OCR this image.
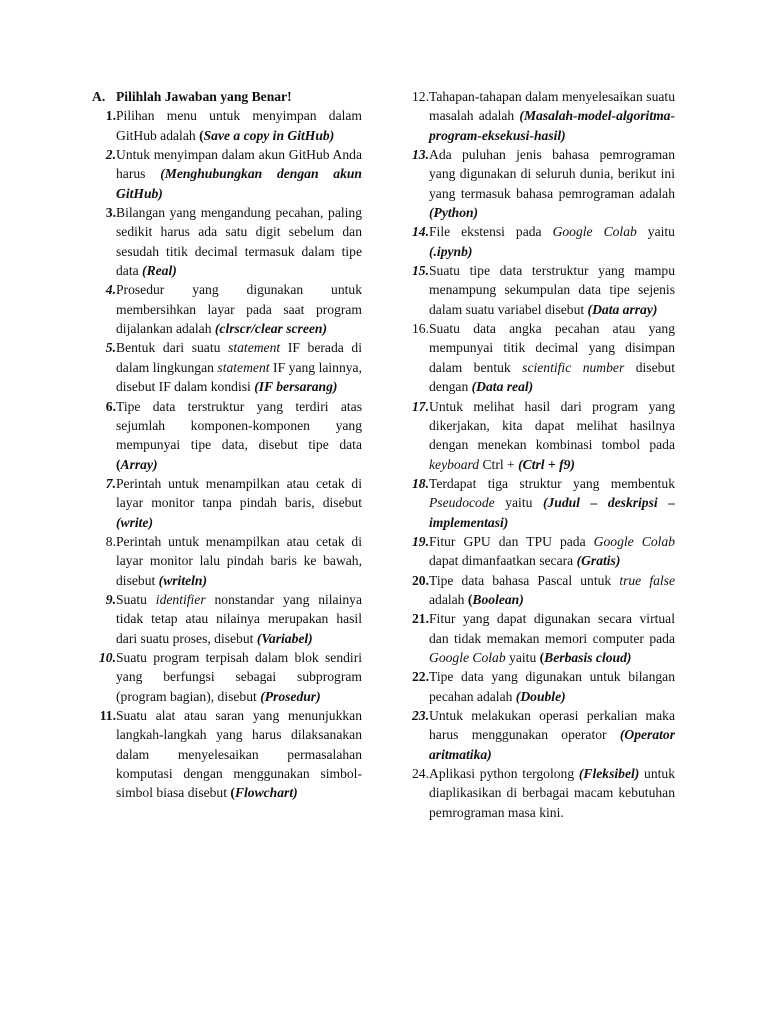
A. Pilihlah Jawaban yang Benar!
1. Pilihan menu untuk menyimpan dalam GitHub adalah (Save a copy in GitHub)
2. Untuk menyimpan dalam akun GitHub Anda harus (Menghubungkan dengan akun GitHub)
3. Bilangan yang mengandung pecahan, paling sedikit harus ada satu digit sebelum dan sesudah titik decimal termasuk dalam tipe data (Real)
4. Prosedur yang digunakan untuk membersihkan layar pada saat program dijalankan adalah (clrscr/clear screen)
5. Bentuk dari suatu statement IF berada di dalam lingkungan statement IF yang lainnya, disebut IF dalam kondisi (IF bersarang)
6. Tipe data terstruktur yang terdiri atas sejumlah komponen-komponen yang mempunyai tipe data, disebut tipe data (Array)
7. Perintah untuk menampilkan atau cetak di layar monitor tanpa pindah baris, disebut (write)
8. Perintah untuk menampilkan atau cetak di layar monitor lalu pindah baris ke bawah, disebut (writeln)
9. Suatu identifier nonstandar yang nilainya tidak tetap atau nilainya merupakan hasil dari suatu proses, disebut (Variabel)
10. Suatu program terpisah dalam blok sendiri yang berfungsi sebagai subprogram (program bagian), disebut (Prosedur)
11. Suatu alat atau saran yang menunjukkan langkah-langkah yang harus dilaksanakan dalam menyelesaikan permasalahan komputasi dengan menggunakan simbol-simbol biasa disebut (Flowchart)
12. Tahapan-tahapan dalam menyelesaikan suatu masalah adalah (Masalah-model-algoritma-program-eksekusi-hasil)
13. Ada puluhan jenis bahasa pemrograman yang digunakan di seluruh dunia, berikut ini yang termasuk bahasa pemrograman adalah (Python)
14. File ekstensi pada Google Colab yaitu (.ipynb)
15. Suatu tipe data terstruktur yang mampu menampung sekumpulan data tipe sejenis dalam suatu variabel disebut (Data array)
16. Suatu data angka pecahan atau yang mempunyai titik decimal yang disimpan dalam bentuk scientific number disebut dengan (Data real)
17. Untuk melihat hasil dari program yang dikerjakan, kita dapat melihat hasilnya dengan menekan kombinasi tombol pada keyboard Ctrl + (Ctrl + f9)
18. Terdapat tiga struktur yang membentuk Pseudocode yaitu (Judul – deskripsi – implementasi)
19. Fitur GPU dan TPU pada Google Colab dapat dimanfaatkan secara (Gratis)
20. Tipe data bahasa Pascal untuk true false adalah (Boolean)
21. Fitur yang dapat digunakan secara virtual dan tidak memakan memori computer pada Google Colab yaitu (Berbasis cloud)
22. Tipe data yang digunakan untuk bilangan pecahan adalah (Double)
23. Untuk melakukan operasi perkalian maka harus menggunakan operator (Operator aritmatika)
24. Aplikasi python tergolong (Fleksibel) untuk diaplikasikan di berbagai macam kebutuhan pemrograman masa kini.
